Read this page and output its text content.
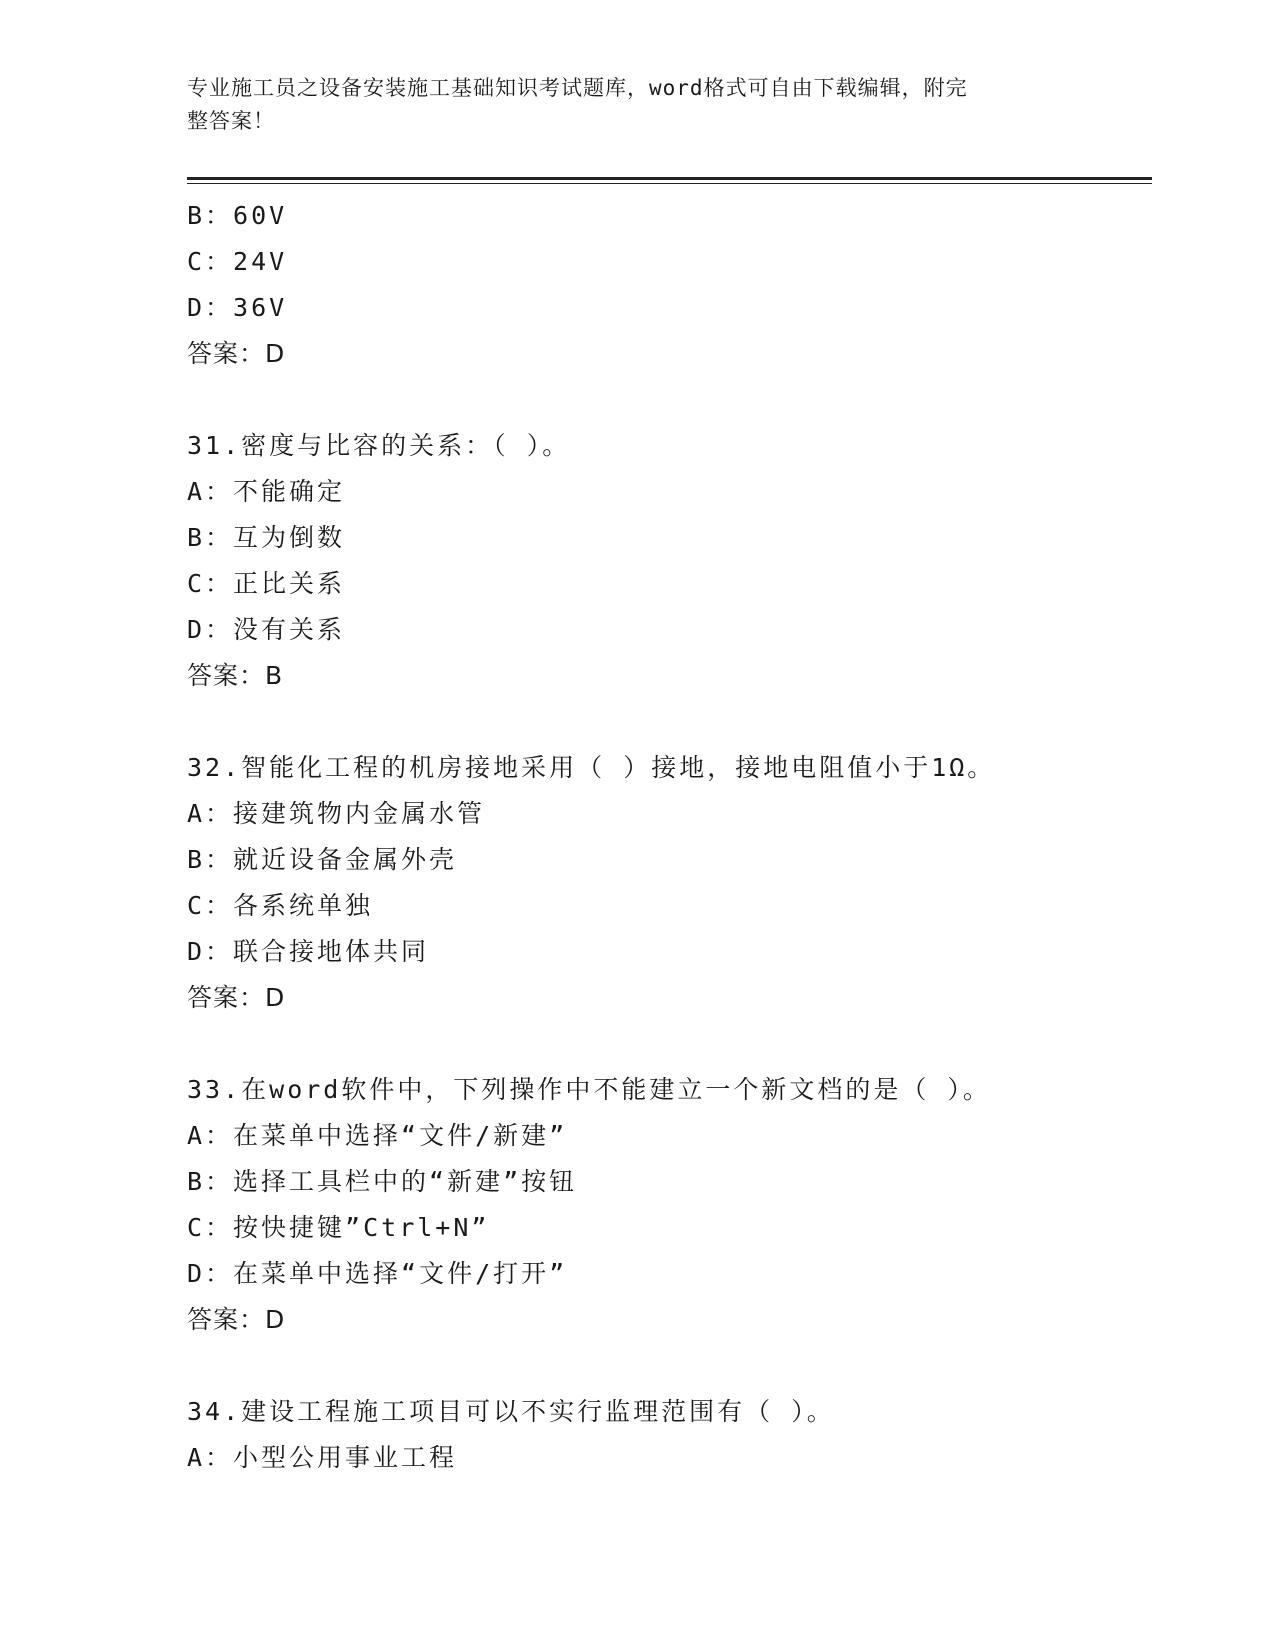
专业施工员之设备安装施工基础知识考试题库，word格式可自由下载编辑，附完
整答案！
B：60V
C：24V
D：36V
答案：D
31.密度与比容的关系：（ ）。
A：不能确定
B：互为倒数
C：正比关系
D：没有关系
答案：B
32.智能化工程的机房接地采用（ ）接地，接地电阻值小于1Ω。
A：接建筑物内金属水管
B：就近设备金属外壳
C：各系统单独
D：联合接地体共同
答案：D
33.在word软件中，下列操作中不能建立一个新文档的是（ ）。
A：在菜单中选择“文件/新建”
B：选择工具栏中的“新建”按钮
C：按快捷键”Ctrl+N”
D：在菜单中选择“文件/打开”
答案：D
34.建设工程施工项目可以不实行监理范围有（ ）。
A：小型公用事业工程
